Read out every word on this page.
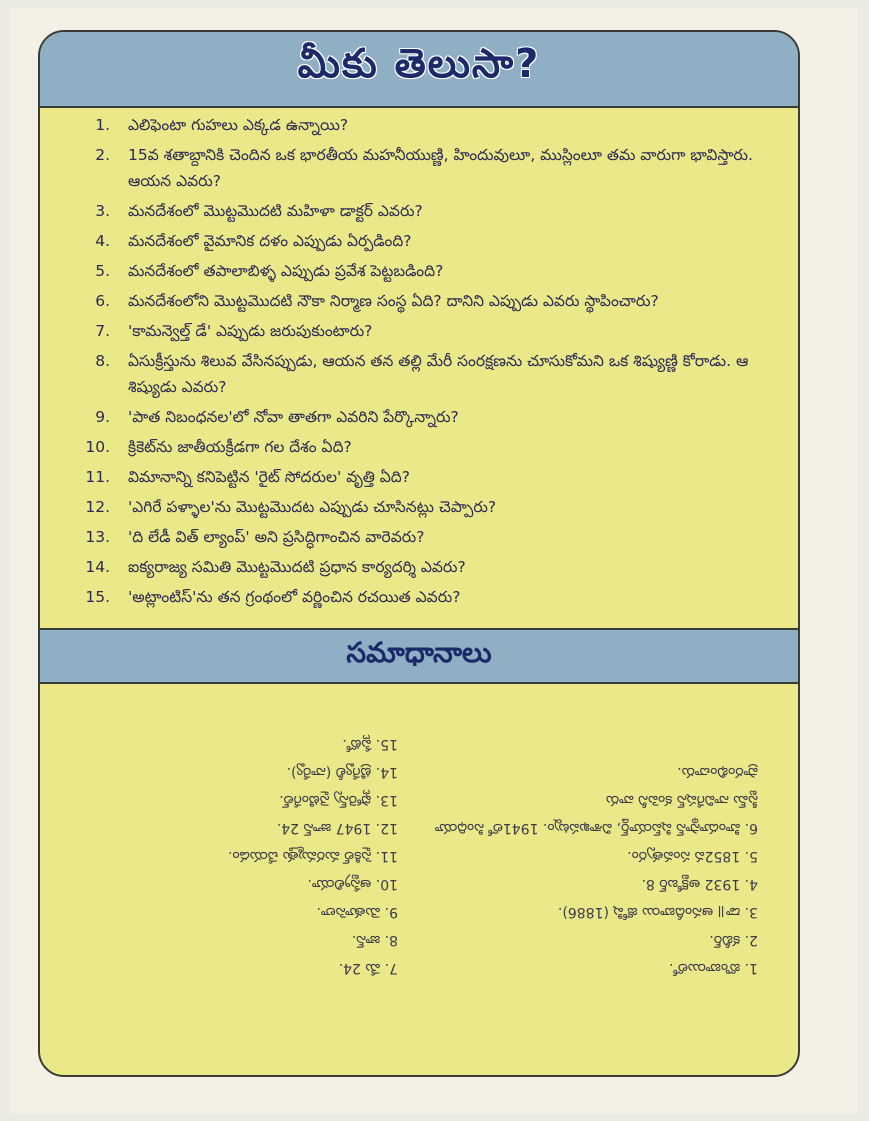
మీకు తెలుసా?
1. ఎలిఫెంటా గుహలు ఎక్కడ ఉన్నాయి?
2. 15వ శతాబ్దానికి చెందిన ఒక భారతీయ మహనీయుణ్ణి, హిందువులూ, ముస్లింలూ తమ వారుగా భావిస్తారు. ఆయన ఎవరు?
3. మనదేశంలో మొట్టమొదటి మహిళా డాక్టర్ ఎవరు?
4. మనదేశంలో వైమానిక దళం ఎప్పుడు ఏర్పడింది?
5. మనదేశంలో తపాలాబిళ్ళ ఎప్పుడు ప్రవేశ పెట్టబడింది?
6. మనదేశంలోని మొట్టమొదటి నౌకా నిర్మాణ సంస్థ ఏది? దానిని ఎప్పుడు ఎవరు స్థాపించారు?
7. 'కామన్వెల్త్ డే' ఎప్పుడు జరుపుకుంటారు?
8. ఏసుక్రీస్తును శిలువ వేసినప్పుడు, ఆయన తన తల్లి మేరీ సంరక్షణను చూసుకోమని ఒక శిష్యుణ్ణి కోరాడు. ఆ శిష్యుడు ఎవరు?
9. 'పాత నిబంధనల'లో నోవా తాతగా ఎవరిని పేర్కొన్నారు?
10. క్రికెట్‌ను జాతీయక్రీడగా గల దేశం ఏది?
11. విమానాన్ని కనిపెట్టిన 'రైట్ సోదరుల' వృత్తి ఏది?
12. 'ఎగిరే పళ్ళాల'ను మొట్టమొదట ఎప్పుడు చూసినట్లు చెప్పారు?
13. 'ది లేడీ విత్ ల్యాంప్' అని ప్రసిద్ధిగాంచిన వారెవరు?
14. ఐక్యరాజ్య సమితి మొట్టమొదటి ప్రధాన కార్యదర్శి ఎవరు?
15. 'అట్లాంటిస్'ను తన గ్రంథంలో వర్ణించిన రచయిత ఎవరు?
సమాధానాలు
1. బొంబాయిలో.
2. కబీర్.
3. డా॥ ఆనందీబాయి జోషి (1886).
4. 1932 అక్టోబర్ 8.
5. 1852వ సంవత్సరం.
6. హిందూస్థాన్ షిప్‌యార్డ్, విశాఖపట్నం. 1941లో సింధియా స్టీమ్ నావిగేషన్ కంపెనీ వారు
ప్రారంభించారు.
7. మే 24.
8. జాన్.
9. మెతూసెలా.
10. ఆస్ట్రేలియా.
11. సైకిల్ మరమ్మత్తు చేయడం.
12. 1947 జూన్ 24.
13. ఫ్లోరెన్స్ నైటింగేల్.
14. ట్రిగ్వేలీ (నార్వే).
15. ప్లేటో.
